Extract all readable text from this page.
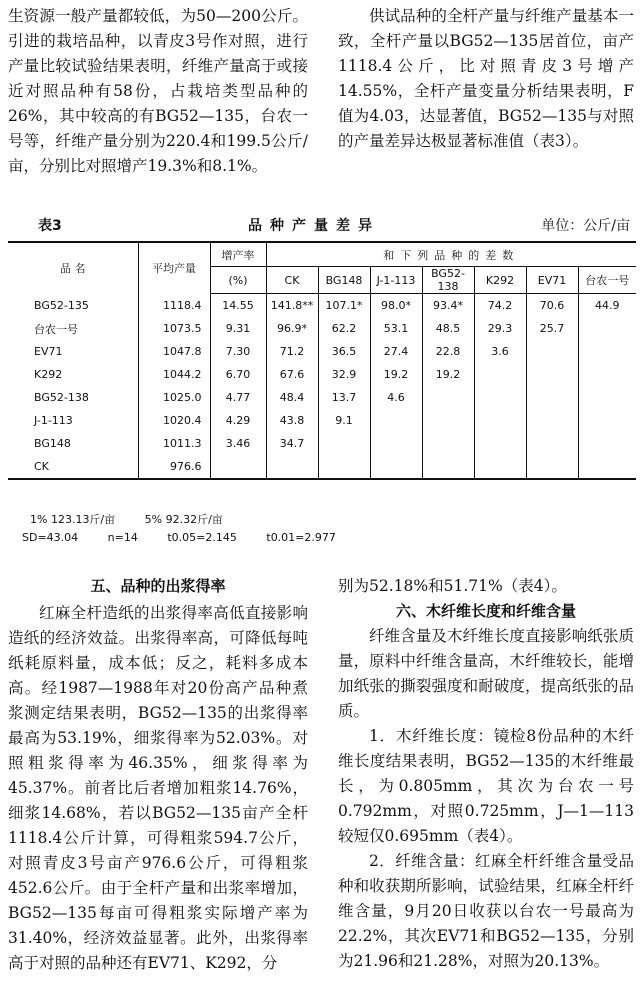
生资源一般产量都较低，为50—200公斤。引进的栽培品种，以青皮3号作对照，进行产量比较试验结果表明，纤维产量高于或接近对照品种有58份，占栽培类型品种的26%，其中较高的有BG52—135，台农一号等，纤维产量分别为220.4和199.5公斤/亩，分别比对照增产19.3%和8.1%。

供试品种的全杆产量与纤维产量基本一致，全杆产量以BG52—135居首位，亩产1118.4公斤，比对照青皮3号增产14.55%，全杆产量变量分析结果表明，F值为4.03，达显著值，BG52—135与对照的产量差异达极显著标准值（表3）。

表3	品种产量差异	单位：公斤/亩
品 名	平均产量	增产率	和下列品种的差数						
		(%)	CK	BG148	J-1-113	BG52-138	K292	EV71	台农一号
BG52-135	1118.4	14.55	141.8**	107.1*	98.0*	93.4*	74.2	70.6	44.9
台农一号	1073.5	9.31	96.9*	62.2	53.1	48.5	29.3	25.7	
EV71	1047.8	7.30	71.2	36.5	27.4	22.8	3.6		
K292	1044.2	6.70	67.6	32.9	19.2	19.2			
BG52-138	1025.0	4.77	48.4	13.7	4.6				
J-1-113	1020.4	4.29	43.8	9.1					
BG148	1011.3	3.46	34.7						
CK	976.6								
1% 123.13斤/亩	5% 92.32斤/亩
SD=43.04	n=14	t0.05=2.145	t0.01=2.977

五、品种的出浆得率

红麻全杆造纸的出浆得率高低直接影响造纸的经济效益。出浆得率高，可降低每吨纸耗原料量，成本低；反之，耗料多成本高。经1987—1988年对20份高产品种煮浆测定结果表明，BG52—135的出浆得率最高为53.19%，细浆得率为52.03%。对照粗浆得率为46.35%，细浆得率为45.37%。前者比后者增加粗浆14.76%，细浆14.68%，若以BG52—135亩产全杆1118.4公斤计算，可得粗浆594.7公斤，对照青皮3号亩产976.6公斤，可得粗浆452.6公斤。由于全杆产量和出浆率增加，BG52—135每亩可得粗浆实际增产率为31.40%，经济效益显著。此外，出浆得率高于对照的品种还有EV71、K292，分

别为52.18%和51.71%（表4）。

六、木纤维长度和纤维含量

纤维含量及木纤维长度直接影响纸张质量，原料中纤维含量高，木纤维较长，能增加纸张的撕裂强度和耐破度，提高纸张的品质。

1．木纤维长度：镜检8份品种的木纤维长度结果表明，BG52—135的木纤维最长，为0.805mm，其次为台农一号0.792mm，对照0.725mm，J—1—113较短仅0.695mm（表4）。

2．纤维含量：红麻全杆纤维含量受品种和收获期所影响，试验结果，红麻全杆纤维含量，9月20日收获以台农一号最高为22.2%，其次EV71和BG52—135，分别为21.96和21.28%，对照为20.13%。
